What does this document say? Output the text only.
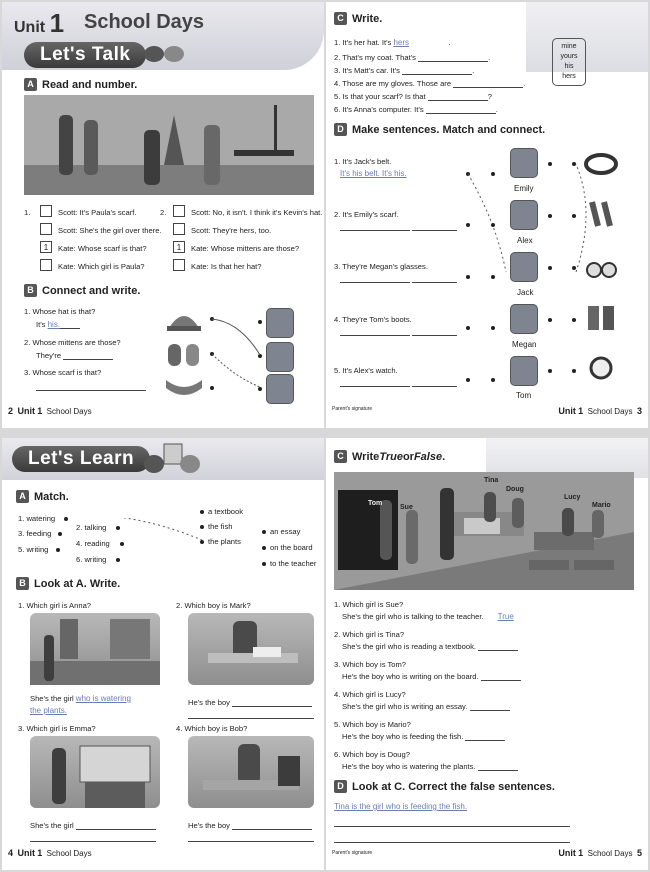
Unit 1 School Days
Let's Talk
A Read and number.
1.	Scott: It's Paula's scarf.
Scott: She's the girl over there.
1	Kate: Whose scarf is that?
Kate: Which girl is Paula?
2.	Scott: No, it isn't. I think it's Kevin's hat.
Scott: They're hers, too.
1	Kate: Whose mittens are those?
Kate: Is that her hat?
B Connect and write.
1. Whose hat is that?
It's his.
2. Whose mittens are those?
They're
3. Whose scarf is that?
2 Unit 1 School Days
C Write.
1. It's her hat. It's hers	.
2. That's my coat. That's	.
3. It's Matt's car. It's	.
4. Those are my gloves. Those are	.
5. Is that your scarf? Is that	?
6. It's Anna's computer. It's	.
mine
yours
his
hers
D Make sentences. Match and connect.
1. It's Jack's belt.
It's his belt. It's his.
2. It's Emily's scarf.

3. They're Megan's glasses.

4. They're Tom's boots.

5. It's Alex's watch.

Emily
Alex
Jack
Megan
Tom
Parent's signature	Unit 1 School Days 3
Let's Learn
A Match.
1. watering
3. feeding
5. writing
2. talking
4. reading
6. writing
a textbook
the fish
the plants
an essay
on the board
to the teacher
B Look at A. Write.
1. Which girl is Anna?
She's the girl who is watering
the plants.
2. Which boy is Mark?
He's the boy
3. Which girl is Emma?
She's the girl
4. Which boy is Bob?
He's the boy
4 Unit 1 School Days
C Write True or False .
Tina
Doug
Tom
Sue
Lucy
Mario
1. Which girl is Sue?
She's the girl who is talking to the teacher. True
2. Which girl is Tina?
She's the girl who is reading a textbook.
3. Which boy is Tom?
He's the boy who is writing on the board.
4. Which girl is Lucy?
She's the girl who is writing an essay.
5. Which boy is Mario?
He's the boy who is feeding the fish.
6. Which boy is Doug?
He's the boy who is watering the plants.
D Look at C. Correct the false sentences.
Tina is the girl who is feeding the fish.
Parent's signature	Unit 1 School Days 5
